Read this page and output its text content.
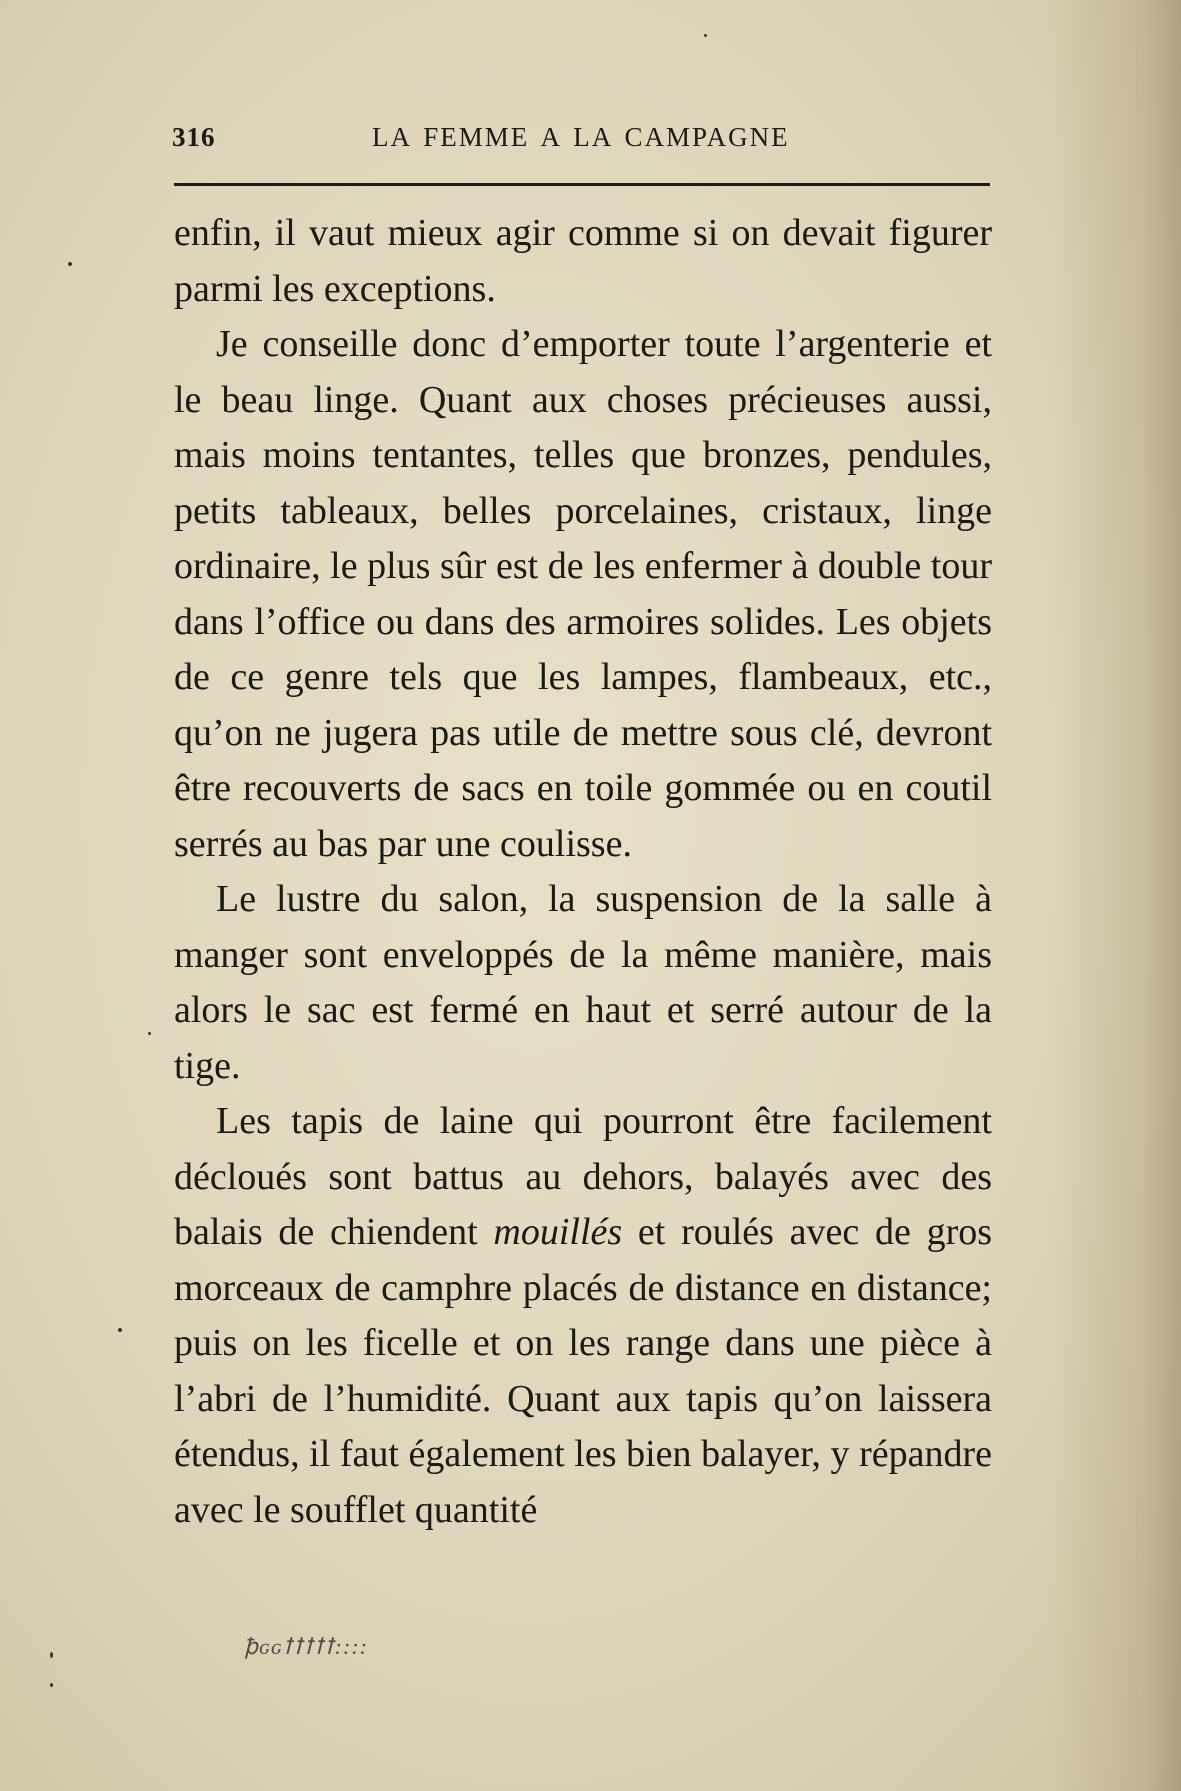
316	LA FEMME A LA CAMPAGNE

enfin, il vaut mieux agir comme si on devait figurer parmi les exceptions.

Je conseille donc d’emporter toute l’argenterie et le beau linge. Quant aux choses précieuses aussi, mais moins tentantes, telles que bronzes, pendules, petits tableaux, belles porcelaines, cristaux, linge ordinaire, le plus sûr est de les enfermer à double tour dans l’office ou dans des armoires solides. Les objets de ce genre tels que les lampes, flambeaux, etc., qu’on ne jugera pas utile de mettre sous clé, devront être recouverts de sacs en toile gommée ou en coutil serrés au bas par une coulisse.

Le lustre du salon, la suspension de la salle à manger sont enveloppés de la même manière, mais alors le sac est fermé en haut et serré autour de la tige.

Les tapis de laine qui pourront être facilement décloués sont battus au dehors, balayés avec des balais de chiendent mouillés et roulés avec de gros morceaux de camphre placés de distance en distance; puis on les ficelle et on les range dans une pièce à l’abri de l’humidité. Quant aux tapis qu’on laissera étendus, il faut également les bien balayer, y répandre avec le soufflet quantité

ꝥԍԍꝉꝉꝉꝉꝉ::::
